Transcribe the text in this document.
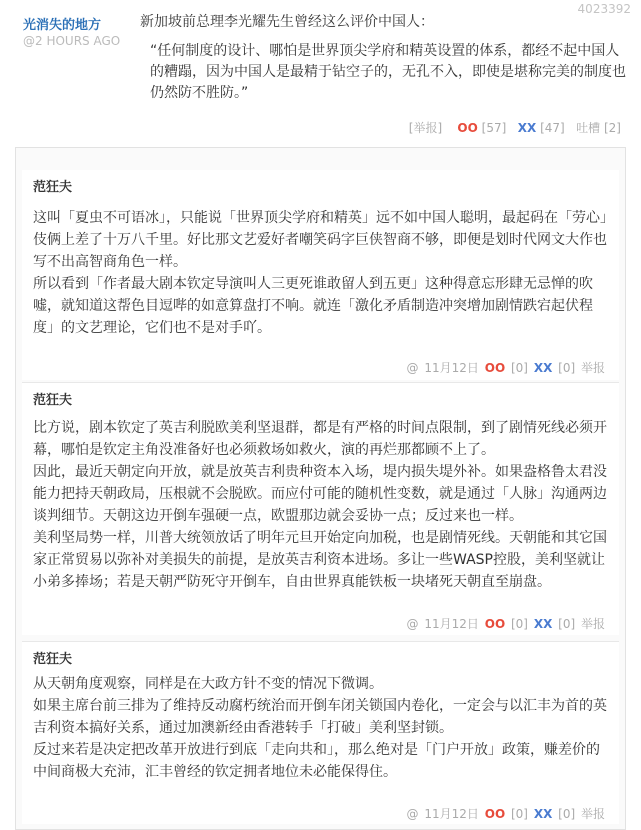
4023392
光消失的地方
@2 HOURS AGO

新加坡前总理李光耀先生曾经这么评价中国人：

“任何制度的设计、哪怕是世界顶尖学府和精英设置的体系，都经不起中国人的糟蹋，因为中国人是最精于钻空子的，无孔不入，即使是堪称完美的制度也仍然防不胜防。”

[举报] OO [57] XX [47] 吐槽 [2]
范狂夫

这叫「夏虫不可语冰」，只能说「世界顶尖学府和精英」远不如中国人聪明，最起码在「劳心」伎俩上差了十万八千里。好比那文艺爱好者嘲笑码字巨侠智商不够，即便是划时代网文大作也写不出高智商角色一样。

所以看到「作者最大剧本钦定导演叫人三更死谁敢留人到五更」这种得意忘形肆无忌惮的吹嘘，就知道这帮色目逗哔的如意算盘打不响。就连「激化矛盾制造冲突增加剧情跌宕起伏程度」的文艺理论，它们也不是对手吖。

@ 11月12日 OO [0] XX [0] 举报
范狂夫

比方说，剧本钦定了英吉利脱欧美利坚退群，都是有严格的时间点限制，到了剧情死线必须开幕，哪怕是钦定主角没准备好也必须救场如救火，演的再烂那都顾不上了。

因此，最近天朝定向开放，就是放英吉利贵种资本入场，堤内损失堤外补。如果盎格鲁太君没能力把持天朝政局，压根就不会脱欧。而应付可能的随机性变数，就是通过「人脉」沟通两边谈判细节。天朝这边开倒车强硬一点，欧盟那边就会妥协一点；反过来也一样。

美利坚局势一样，川普大统领放话了明年元旦开始定向加税，也是剧情死线。天朝能和其它国家正常贸易以弥补对美损失的前提，是放英吉利资本进场。多让一些WASP控股，美利坚就让小弟多捧场；若是天朝严防死守开倒车，自由世界真能铁板一块堵死天朝直至崩盘。

@ 11月12日 OO [0] XX [0] 举报
范狂夫

从天朝角度观察，同样是在大政方针不变的情况下微调。

如果主席台前三排为了维持反动腐朽统治而开倒车闭关锁国内卷化，一定会与以汇丰为首的英吉利资本搞好关系，通过加澳新经由香港转手「打破」美利坚封锁。

反过来若是决定把改革开放进行到底「走向共和」，那么绝对是「门户开放」政策，赚差价的中间商极大充沛，汇丰曾经的钦定拥者地位未必能保得住。

@ 11月12日 OO [0] XX [0] 举报
